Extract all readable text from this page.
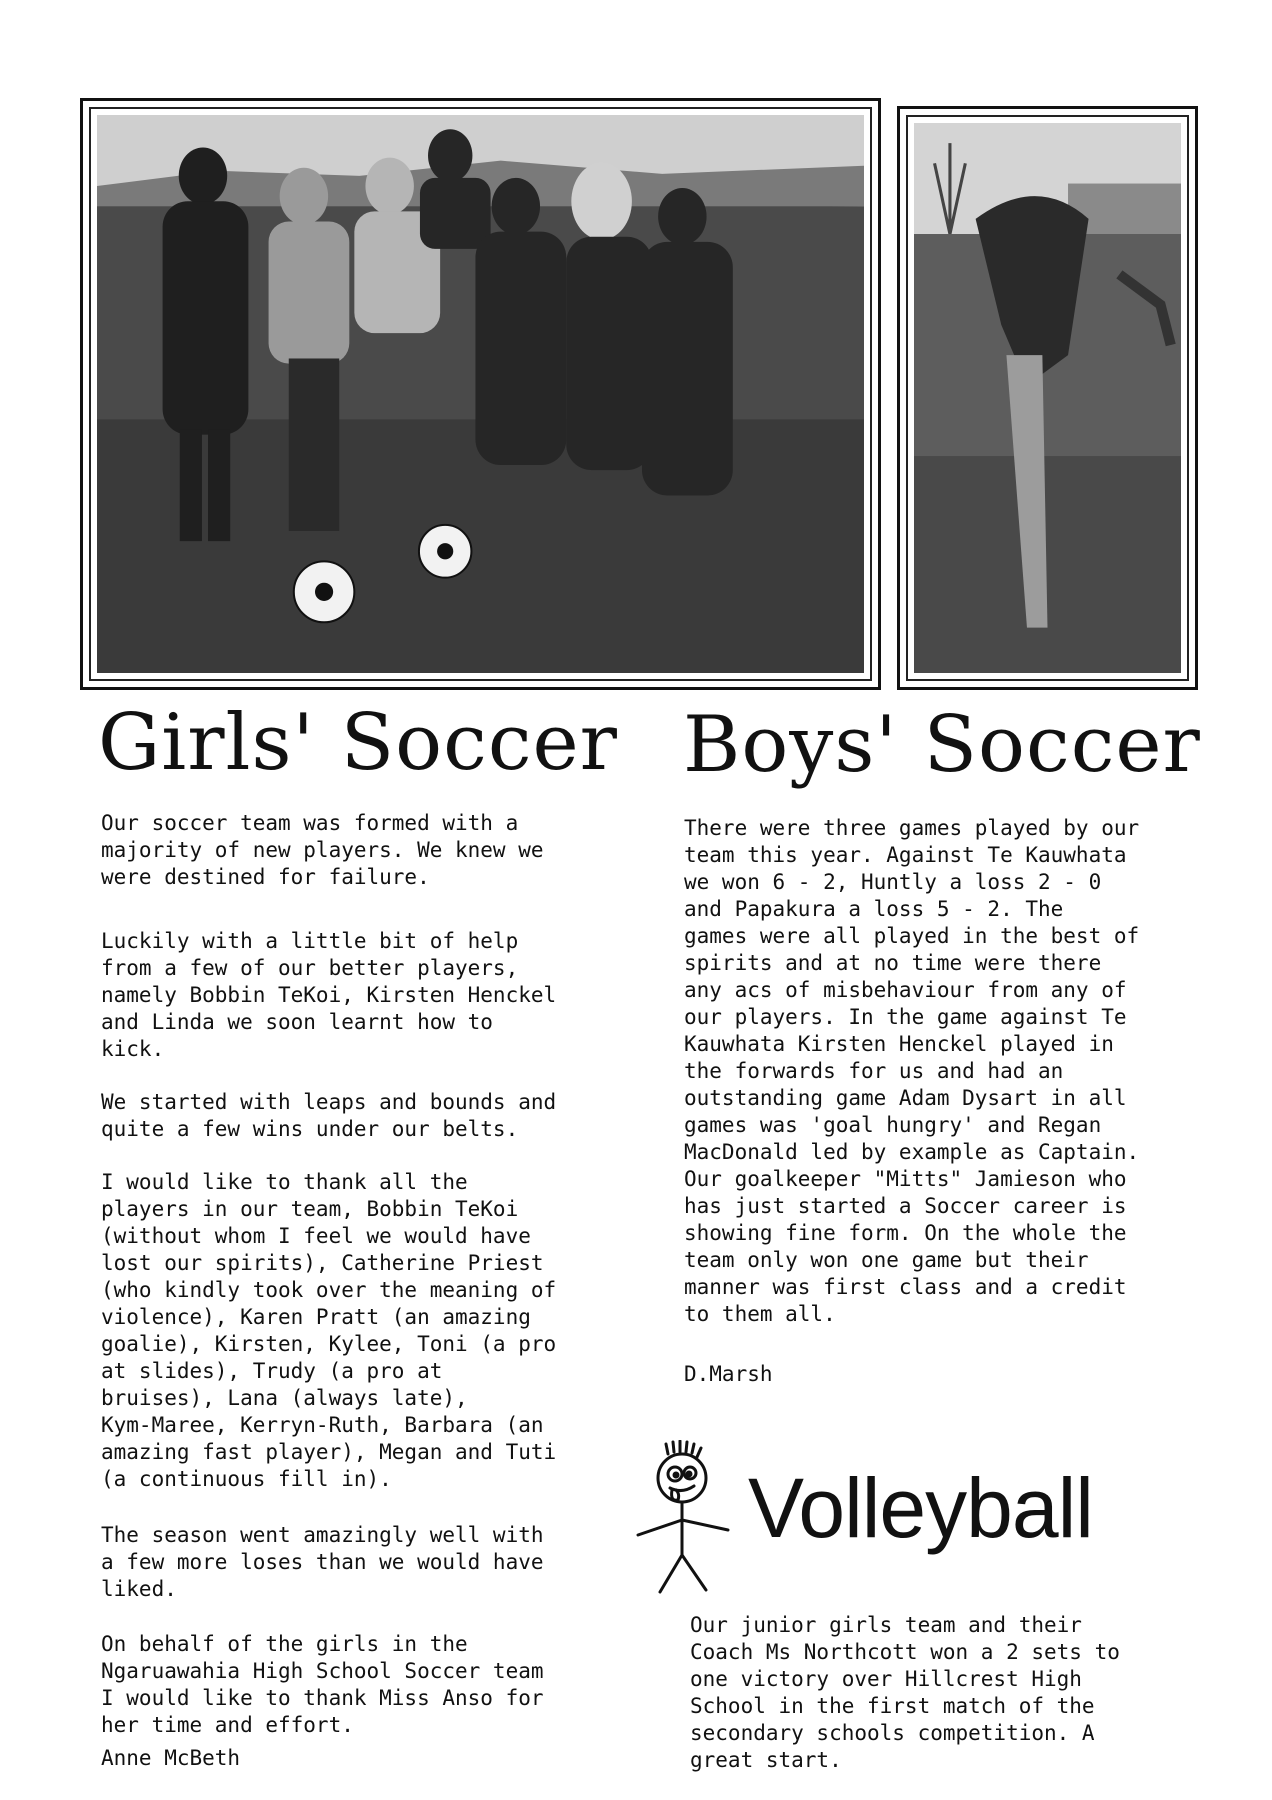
Girls' Soccer

Our soccer team was formed with a
majority of new players. We knew we
were destined for failure.

Luckily with a little bit of help
from a few of our better players,
namely Bobbin TeKoi, Kirsten Henckel
and Linda we soon learnt how to
kick.

We started with leaps and bounds and
quite a few wins under our belts.

I would like to thank all the
players in our team, Bobbin TeKoi
(without whom I feel we would have
lost our spirits), Catherine Priest
(who kindly took over the meaning of
violence), Karen Pratt (an amazing
goalie), Kirsten, Kylee, Toni (a pro
at slides), Trudy (a pro at
bruises), Lana (always late),
Kym-Maree, Kerryn-Ruth, Barbara (an
amazing fast player), Megan and Tuti
(a continuous fill in).

The season went amazingly well with
a few more loses than we would have
liked.

On behalf of the girls in the
Ngaruawahia High School Soccer team
I would like to thank Miss Anso for
her time and effort.

Anne McBeth

Boys' Soccer

There were three games played by our
team this year. Against Te Kauwhata
we won 6 - 2, Huntly a loss 2 - 0
and Papakura a loss 5 - 2. The
games were all played in the best of
spirits and at no time were there
any acs of misbehaviour from any of
our players. In the game against Te
Kauwhata Kirsten Henckel played in
the forwards for us and had an
outstanding game Adam Dysart in all
games was 'goal hungry' and Regan
MacDonald led by example as Captain.
Our goalkeeper "Mitts" Jamieson who
has just started a Soccer career is
showing fine form. On the whole the
team only won one game but their
manner was first class and a credit
to them all.

D.Marsh

Volleyball

Our junior girls team and their
Coach Ms Northcott won a 2 sets to
one victory over Hillcrest High
School in the first match of the
secondary schools competition. A
great start.
